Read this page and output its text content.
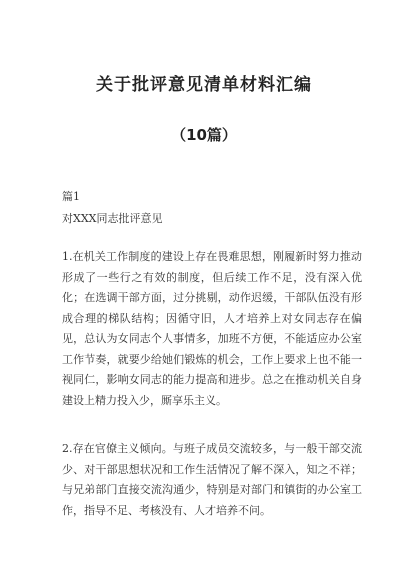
关于批评意见清单材料汇编
（10篇）
篇1
对XXX同志批评意见

1.在机关工作制度的建设上存在畏难思想，刚履新时努力推动形成了一些行之有效的制度，但后续工作不足，没有深入优化；在选调干部方面，过分挑剔，动作迟缓，干部队伍没有形成合理的梯队结构；因循守旧，人才培养上对女同志存在偏见，总认为女同志个人事情多，加班不方便，不能适应办公室工作节奏，就要少给她们锻炼的机会，工作上要求上也不能一视同仁，影响女同志的能力提高和进步。总之在推动机关自身建设上精力投入少，厮享乐主义。

2.存在官僚主义倾向。与班子成员交流较多，与一般干部交流少、对干部思想状况和工作生活情况了解不深入，知之不祥；与兄弟部门直接交流沟通少，特别是对部门和镇街的办公室工作，指导不足、考核没有、人才培养不问。
